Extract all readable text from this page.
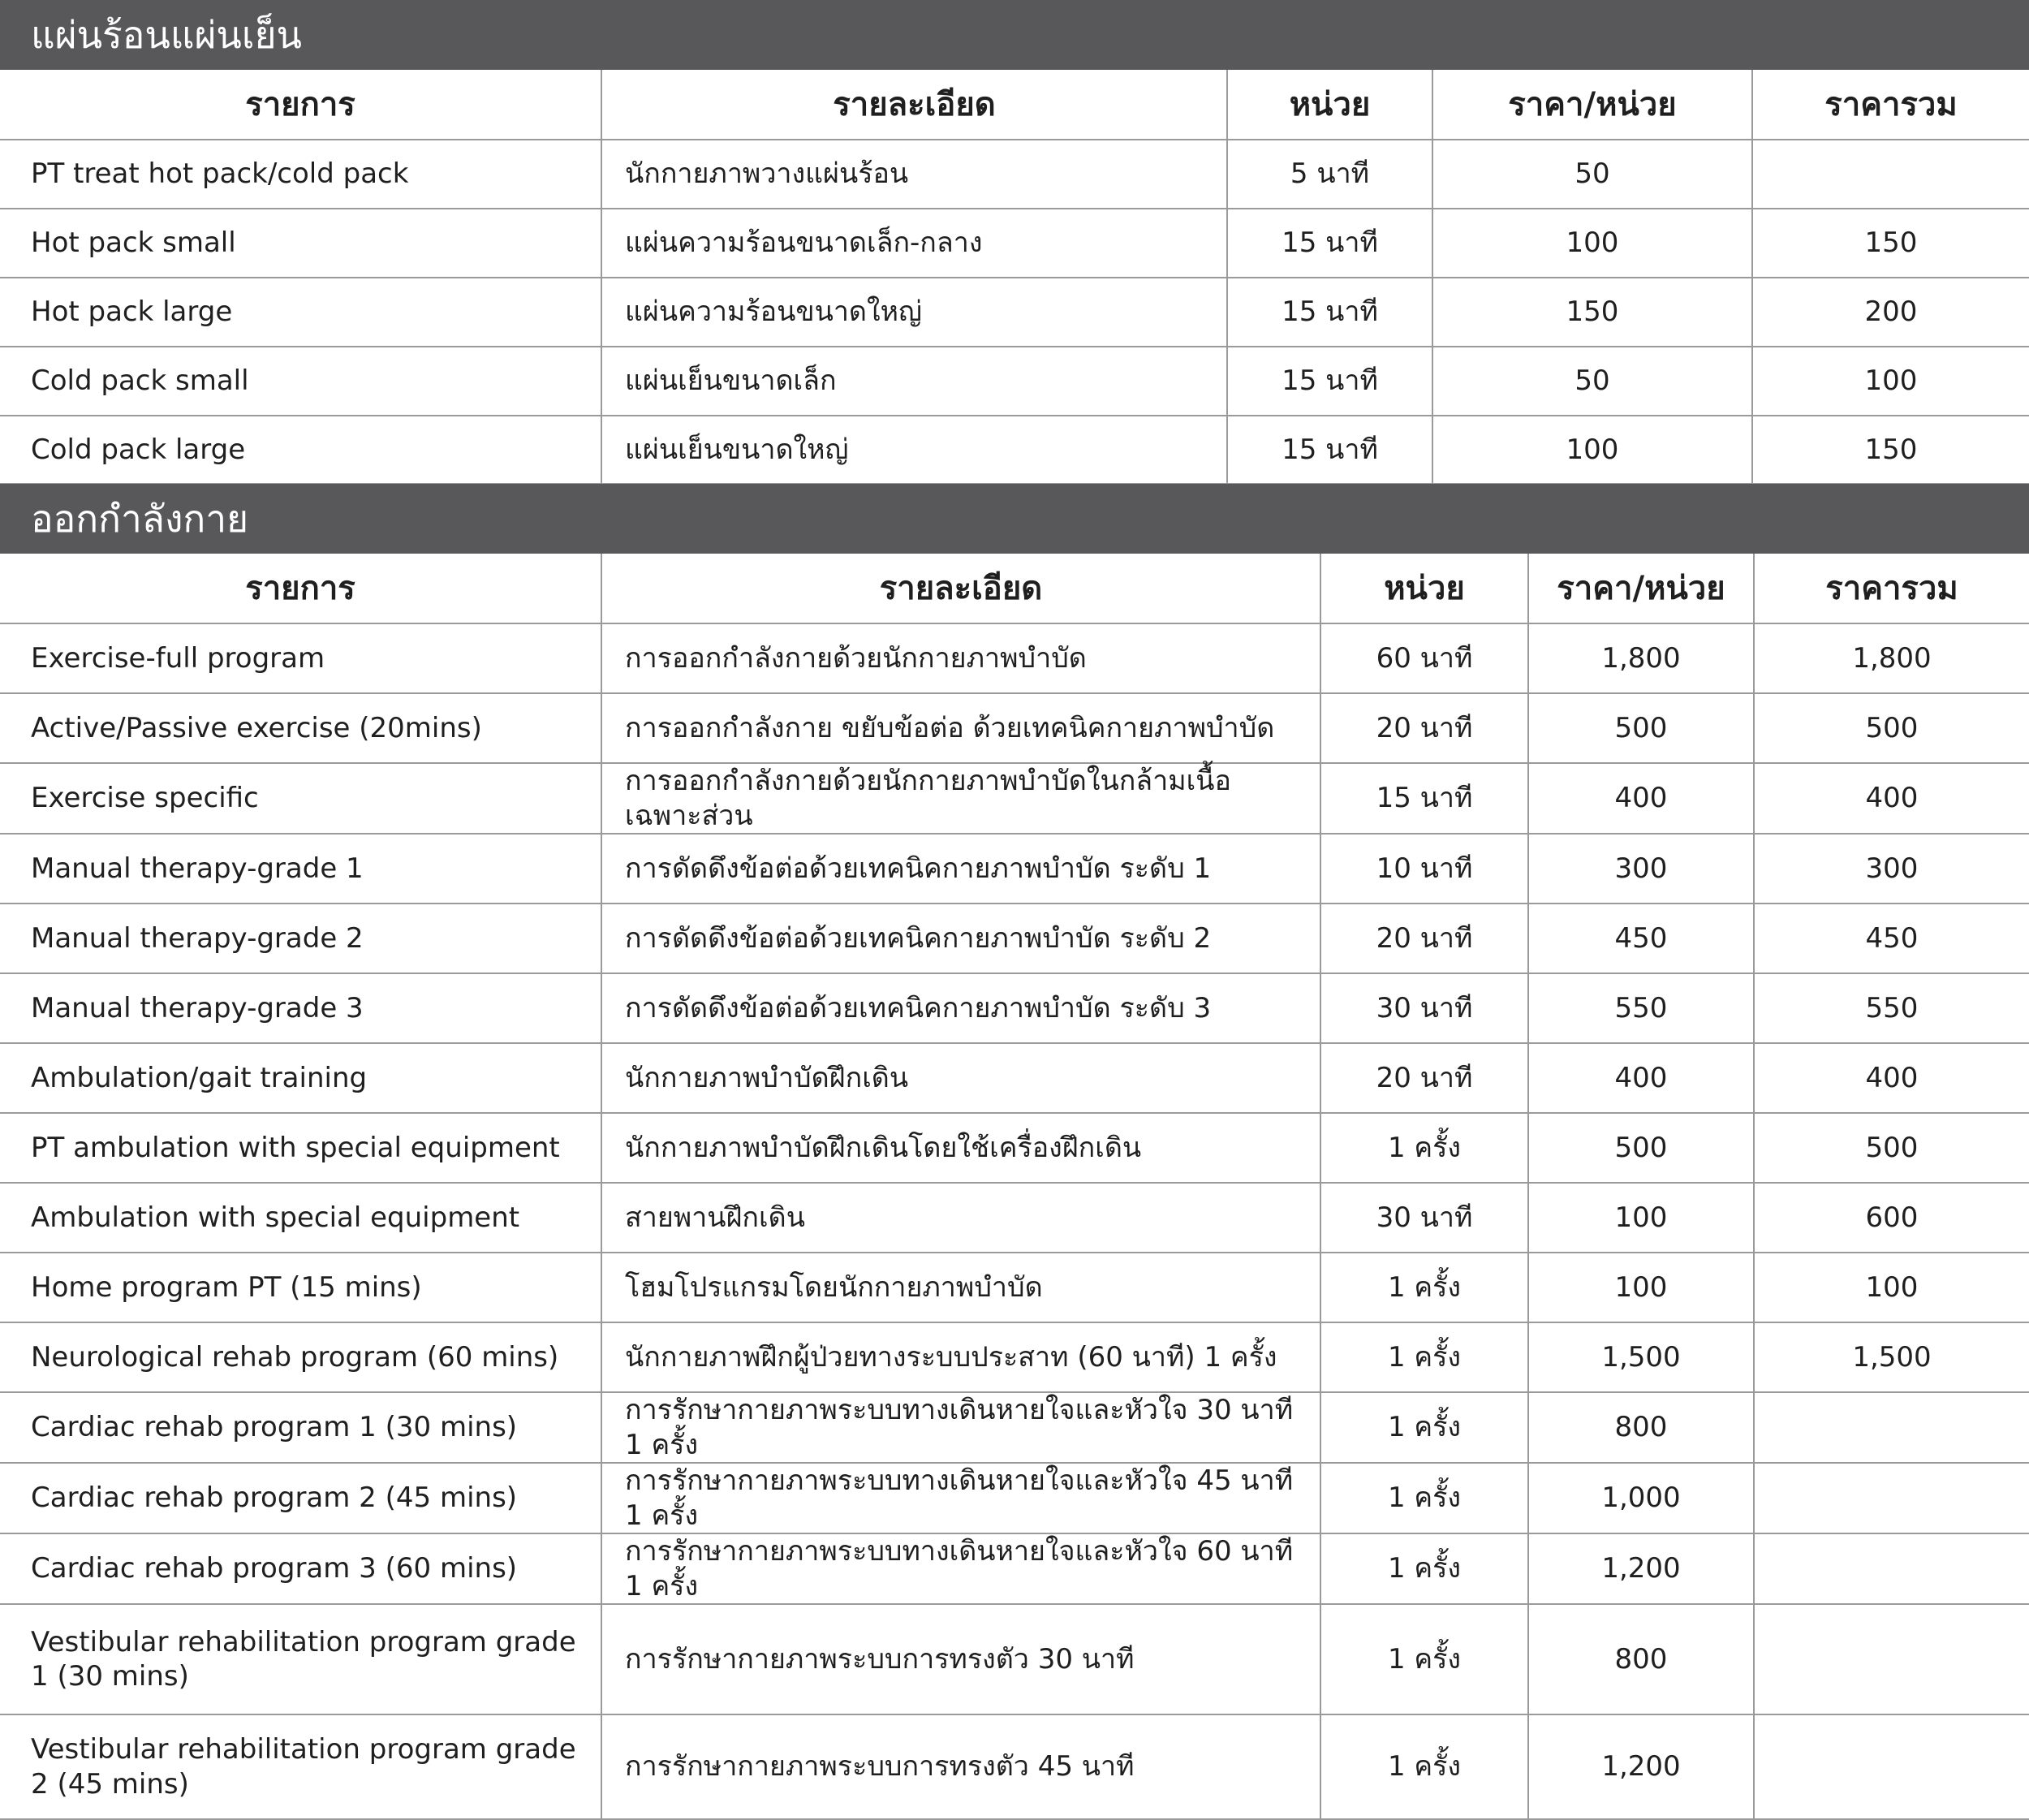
แผ่นร้อนแผ่นเย็น
รายการ	รายละเอียด	หน่วย	ราคา/หน่วย	ราคารวม
PT treat hot pack/cold pack	นักกายภาพวางแผ่นร้อน	5 นาที	50	
Hot pack small	แผ่นความร้อนขนาดเล็ก-กลาง	15 นาที	100	150
Hot pack large	แผ่นความร้อนขนาดใหญ่	15 นาที	150	200
Cold pack small	แผ่นเย็นขนาดเล็ก	15 นาที	50	100
Cold pack large	แผ่นเย็นขนาดใหญ่	15 นาที	100	150
ออกกำลังกาย
รายการ	รายละเอียด	หน่วย	ราคา/หน่วย	ราคารวม
Exercise-full program	การออกกำลังกายด้วยนักกายภาพบำบัด	60 นาที	1,800	1,800
Active/Passive exercise (20mins)	การออกกำลังกาย ขยับข้อต่อ ด้วยเทคนิคกายภาพบำบัด	20 นาที	500	500
Exercise specific	การออกกำลังกายด้วยนักกายภาพบำบัดในกล้ามเนื้อเฉพาะส่วน	15 นาที	400	400
Manual therapy-grade 1	การดัดดึงข้อต่อด้วยเทคนิคกายภาพบำบัด ระดับ 1	10 นาที	300	300
Manual therapy-grade 2	การดัดดึงข้อต่อด้วยเทคนิคกายภาพบำบัด ระดับ 2	20 นาที	450	450
Manual therapy-grade 3	การดัดดึงข้อต่อด้วยเทคนิคกายภาพบำบัด ระดับ 3	30 นาที	550	550
Ambulation/gait training	นักกายภาพบำบัดฝึกเดิน	20 นาที	400	400
PT ambulation with special equipment	นักกายภาพบำบัดฝึกเดินโดยใช้เครื่องฝึกเดิน	1 ครั้ง	500	500
Ambulation with special equipment	สายพานฝึกเดิน	30 นาที	100	600
Home program PT (15 mins)	โฮมโปรแกรมโดยนักกายภาพบำบัด	1 ครั้ง	100	100
Neurological rehab program (60 mins)	นักกายภาพฝึกผู้ป่วยทางระบบประสาท (60 นาที) 1 ครั้ง	1 ครั้ง	1,500	1,500
Cardiac rehab program 1 (30 mins)	การรักษากายภาพระบบทางเดินหายใจและหัวใจ 30 นาที 1 ครั้ง	1 ครั้ง	800	
Cardiac rehab program 2 (45 mins)	การรักษากายภาพระบบทางเดินหายใจและหัวใจ 45 นาที 1 ครั้ง	1 ครั้ง	1,000	
Cardiac rehab program 3 (60 mins)	การรักษากายภาพระบบทางเดินหายใจและหัวใจ 60 นาที 1 ครั้ง	1 ครั้ง	1,200	
Vestibular rehabilitation program grade 1 (30 mins)	การรักษากายภาพระบบการทรงตัว 30 นาที	1 ครั้ง	800	
Vestibular rehabilitation program grade 2 (45 mins)	การรักษากายภาพระบบการทรงตัว 45 นาที	1 ครั้ง	1,200	
